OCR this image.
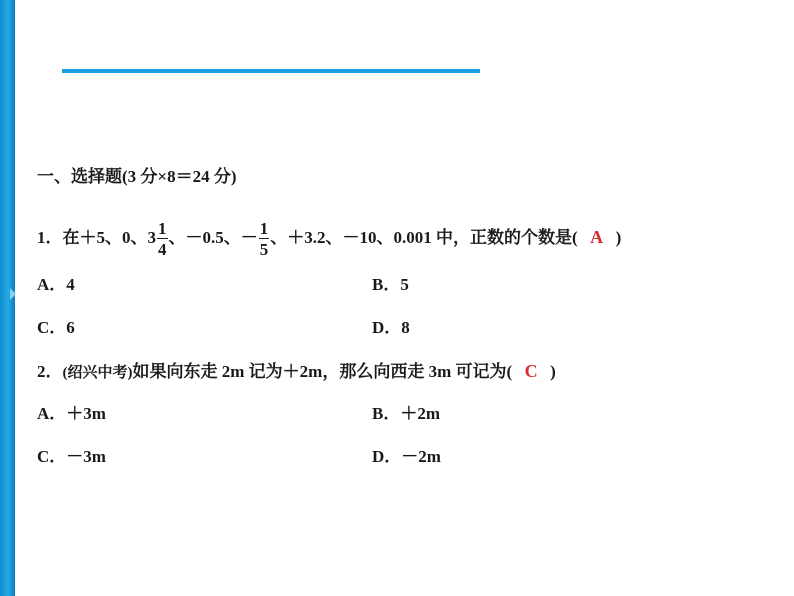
一、选择题(3 分×8＝24 分)
1．在＋5、0、$3 \frac{1}{4}$ 、－0.5、－ $\frac{1}{5}$ 、＋3.2、－10、0.001 中，正数的个数是( A )
A．4	B．5
C．6	D．8
2．(绍兴中考)如果向东走 2m 记为＋2m，那么向西走 3m 可记为( C )
A．＋3m	B．＋2m
C．－3m	D．－2m
